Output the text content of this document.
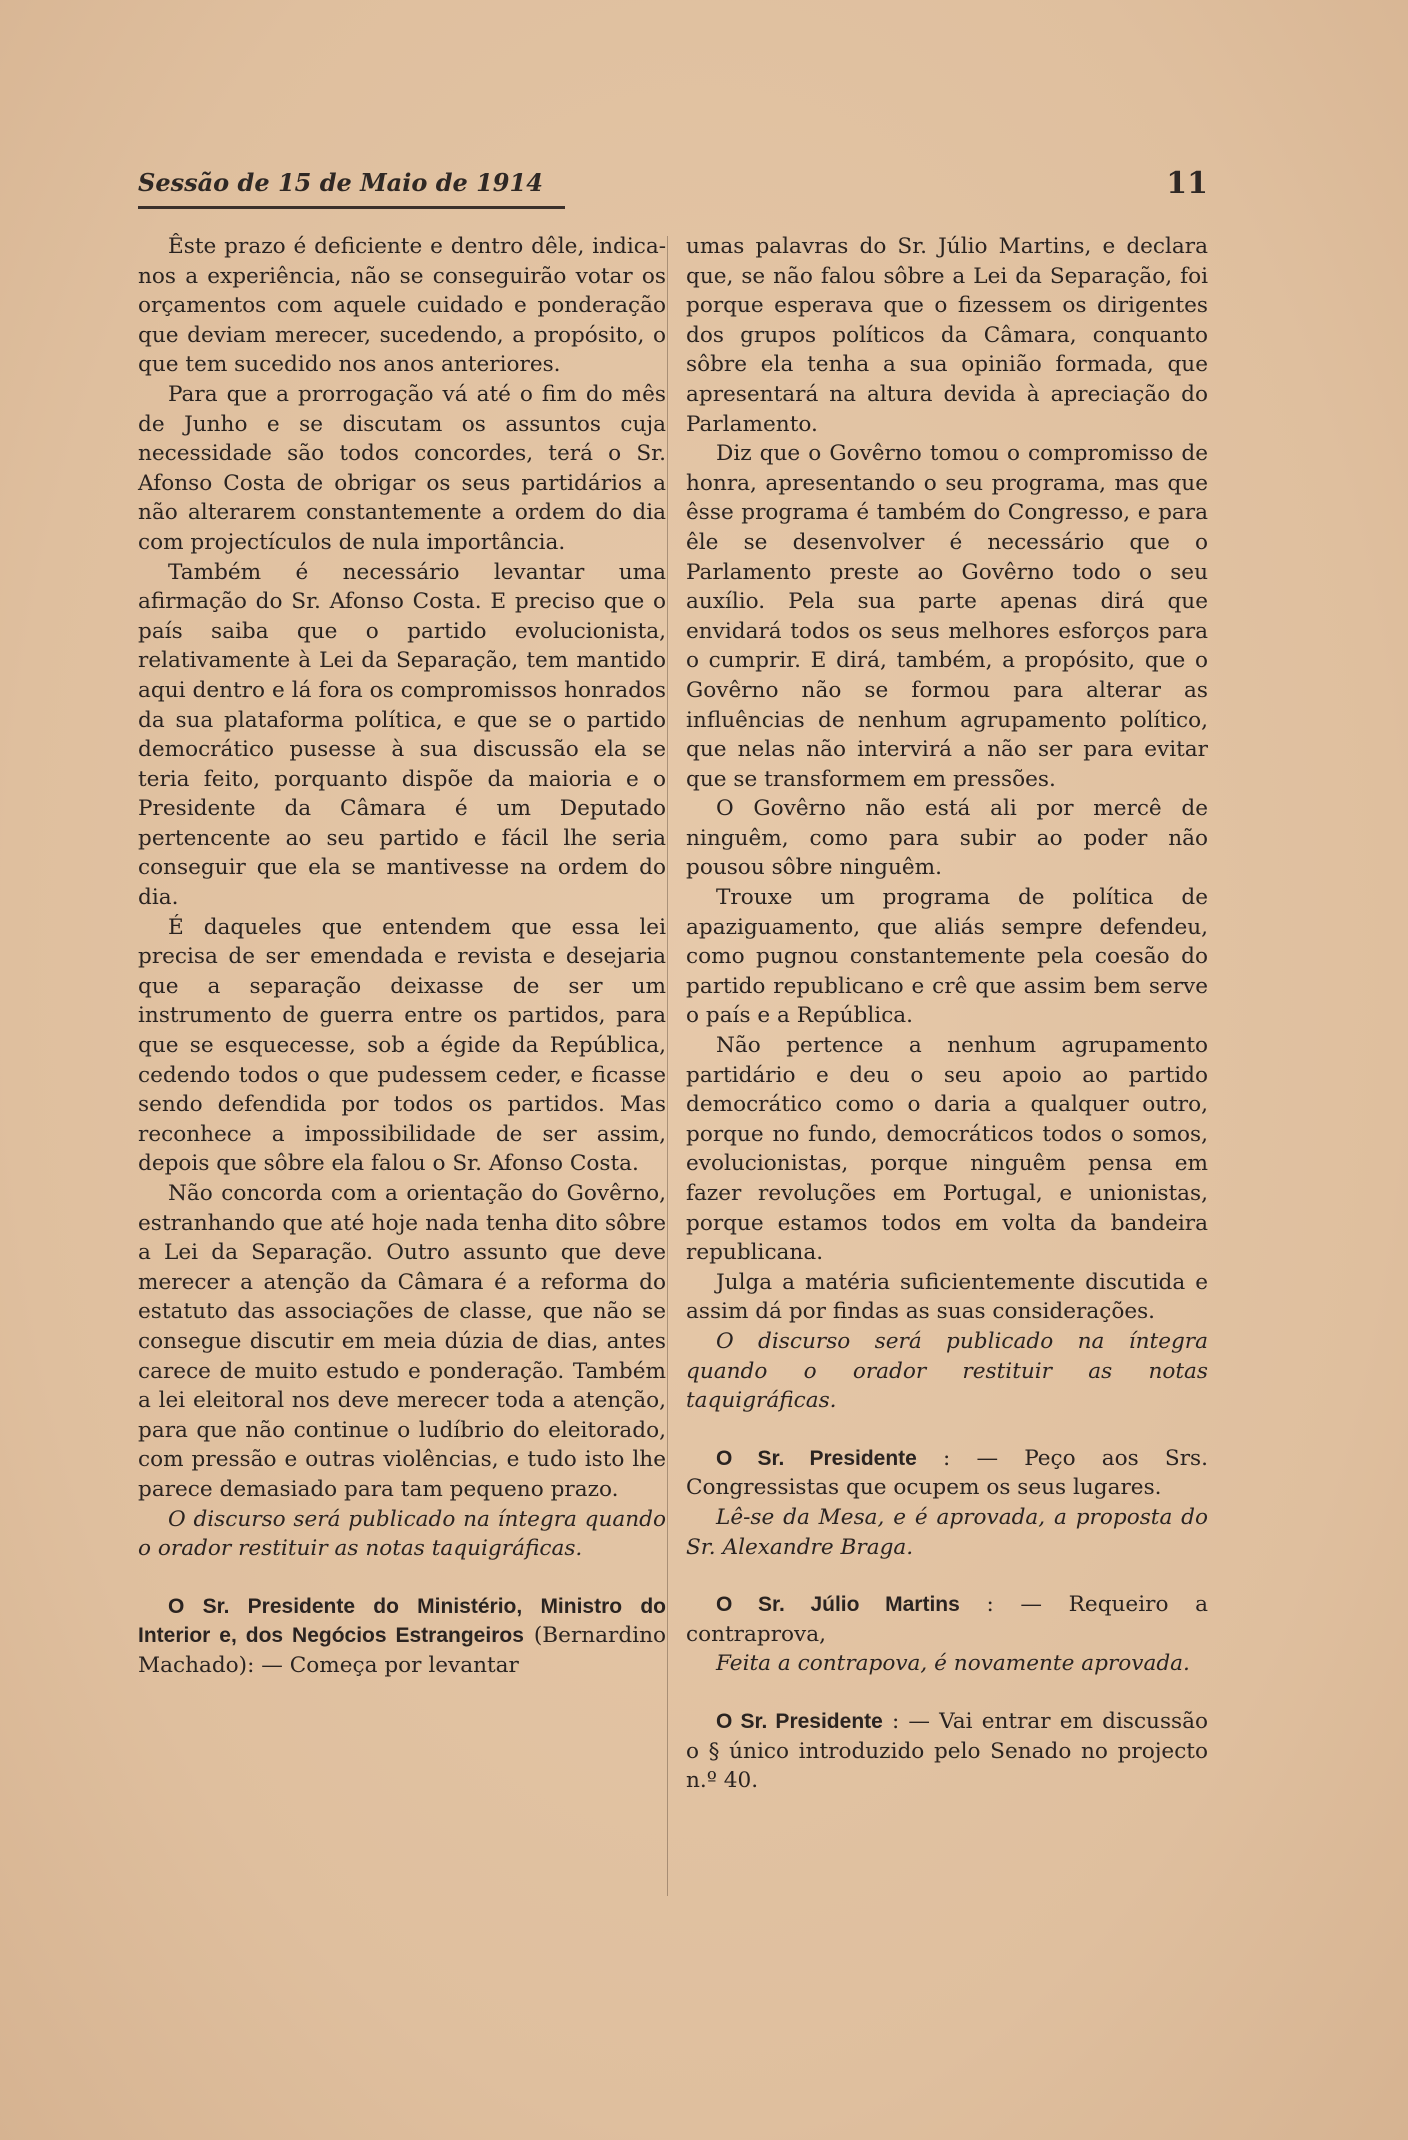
Sessão de 15 de Maio de 1914	11

Êste prazo é deficiente e dentro dêle, indica-nos a experiência, não se conseguirão votar os orçamentos com aquele cuidado e ponderação que deviam merecer, sucedendo, a propósito, o que tem sucedido nos anos anteriores.

Para que a prorrogação vá até o fim do mês de Junho e se discutam os assuntos cuja necessidade são todos concordes, terá o Sr. Afonso Costa de obrigar os seus partidários a não alterarem constantemente a ordem do dia com projectículos de nula importância.

Também é necessário levantar uma afirmação do Sr. Afonso Costa. E preciso que o país saiba que o partido evolucionista, relativamente à Lei da Separação, tem mantido aqui dentro e lá fora os compromissos honrados da sua plataforma política, e que se o partido democrático pusesse à sua discussão ela se teria feito, porquanto dispõe da maioria e o Presidente da Câmara é um Deputado pertencente ao seu partido e fácil lhe seria conseguir que ela se mantivesse na ordem do dia.

É daqueles que entendem que essa lei precisa de ser emendada e revista e desejaria que a separação deixasse de ser um instrumento de guerra entre os partidos, para que se esquecesse, sob a égide da República, cedendo todos o que pudessem ceder, e ficasse sendo defendida por todos os partidos. Mas reconhece a impossibilidade de ser assim, depois que sôbre ela falou o Sr. Afonso Costa.

Não concorda com a orientação do Govêrno, estranhando que até hoje nada tenha dito sôbre a Lei da Separação. Outro assunto que deve merecer a atenção da Câmara é a reforma do estatuto das associações de classe, que não se consegue discutir em meia dúzia de dias, antes carece de muito estudo e ponderação. Também a lei eleitoral nos deve merecer toda a atenção, para que não continue o ludíbrio do eleitorado, com pressão e outras violências, e tudo isto lhe parece demasiado para tam pequeno prazo.

O discurso será publicado na íntegra quando o orador restituir as notas taquigráficas.

O Sr. Presidente do Ministério, Ministro do Interior e, dos Negócios Estrangeiros (Bernardino Machado): — Começa por levantar

umas palavras do Sr. Júlio Martins, e declara que, se não falou sôbre a Lei da Separação, foi porque esperava que o fizessem os dirigentes dos grupos políticos da Câmara, conquanto sôbre ela tenha a sua opinião formada, que apresentará na altura devida à apreciação do Parlamento.

Diz que o Govêrno tomou o compromisso de honra, apresentando o seu programa, mas que êsse programa é também do Congresso, e para êle se desenvolver é necessário que o Parlamento preste ao Govêrno todo o seu auxílio. Pela sua parte apenas dirá que envidará todos os seus melhores esforços para o cumprir. E dirá, também, a propósito, que o Govêrno não se formou para alterar as influências de nenhum agrupamento político, que nelas não intervirá a não ser para evitar que se transformem em pressões.

O Govêrno não está ali por mercê de ninguêm, como para subir ao poder não pousou sôbre ninguêm.

Trouxe um programa de política de apaziguamento, que aliás sempre defendeu, como pugnou constantemente pela coesão do partido republicano e crê que assim bem serve o país e a República.

Não pertence a nenhum agrupamento partidário e deu o seu apoio ao partido democrático como o daria a qualquer outro, porque no fundo, democráticos todos o somos, evolucionistas, porque ninguêm pensa em fazer revoluções em Portugal, e unionistas, porque estamos todos em volta da bandeira republicana.

Julga a matéria suficientemente discutida e assim dá por findas as suas considerações.

O discurso será publicado na íntegra quando o orador restituir as notas taquigráficas.

O Sr. Presidente : — Peço aos Srs. Congressistas que ocupem os seus lugares.

Lê-se da Mesa, e é aprovada, a proposta do Sr. Alexandre Braga.

O Sr. Júlio Martins : — Requeiro a contraprova,

Feita a contrapova, é novamente aprovada.

O Sr. Presidente : — Vai entrar em discussão o § único introduzido pelo Senado no projecto n.º 40.
